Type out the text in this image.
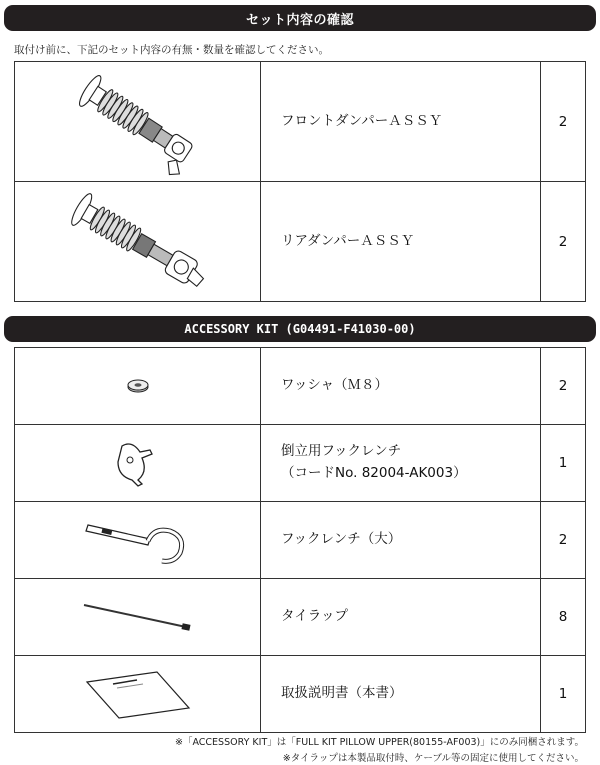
セット内容の確認
取付け前に、下記のセット内容の有無・数量を確認してください。
	フロントダンパーＡＳＳＹ	2

	リアダンパーＡＳＳＹ	2
ACCESSORY KIT (G04491-F41030-00)
	ワッシャ（Ｍ８）	2

倒立用フックレンチ
（コードNo. 82004-AK003）	1

	フックレンチ（大）	2

	タイラップ	8

	取扱説明書（本書）	1
※「ACCESSORY KIT」は「FULL KIT PILLOW UPPER(80155-AF003)」にのみ同梱されます。
※タイラップは本製品取付時、ケーブル等の固定に使用してください。
